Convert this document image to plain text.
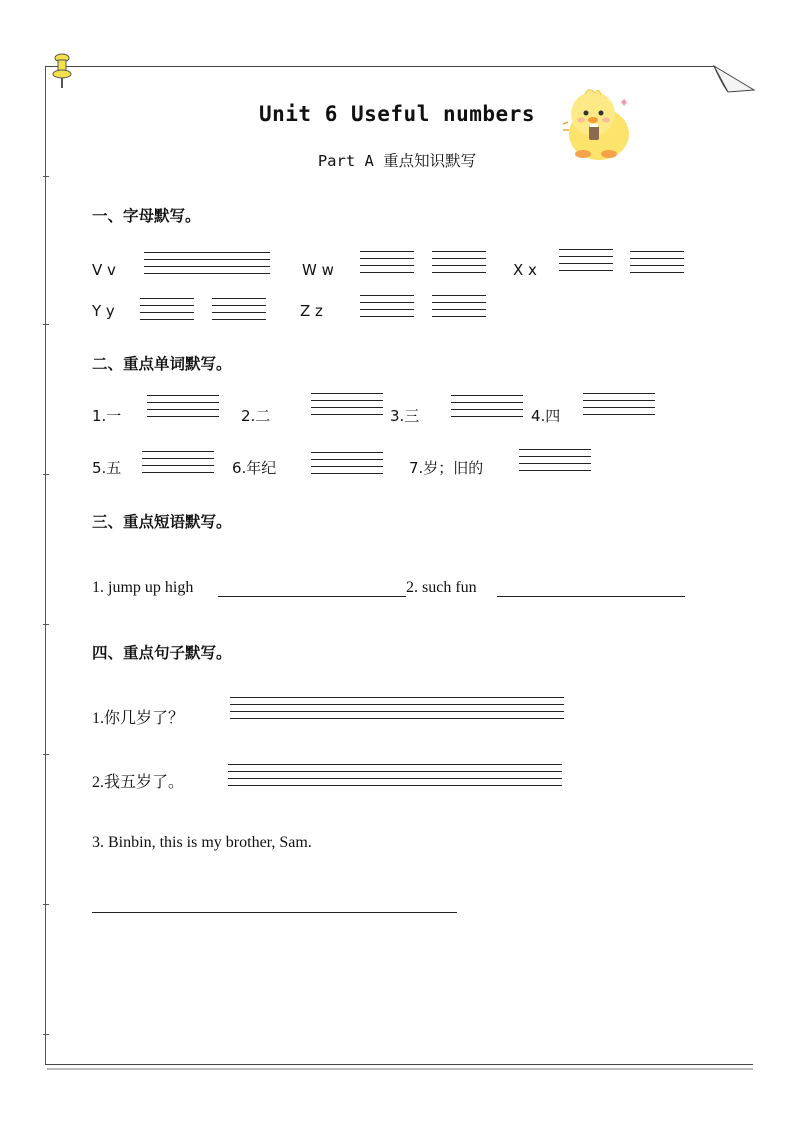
Unit 6 Useful numbers
Part A 重点知识默写
一、字母默写。
V v	W w	X x
Y y	Z z
二、重点单词默写。
1.一	2.二	3.三	4.四
5.五	6.年纪	7.岁；旧的
三、重点短语默写。
1. jump up high	2. such fun
四、重点句子默写。
1.你几岁了？
2.我五岁了。
3. Binbin, this is my brother, Sam.
